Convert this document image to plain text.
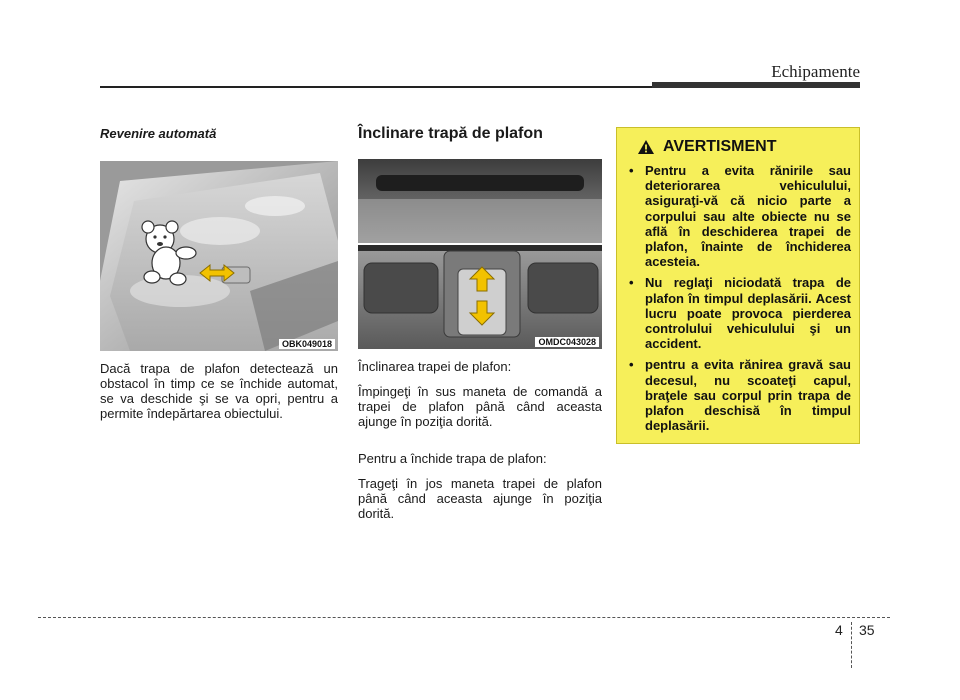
Echipamente
Revenire automată
OBK049018

Dacă trapa de plafon detectează un obstacol în timp ce se închide automat, se va deschide şi se va opri, pentru a permite îndepărtarea obiectului.

Înclinare trapă de plafon
OMDC043028

Înclinarea trapei de plafon:

Împingeţi în sus maneta de comandă a trapei de plafon până când aceasta ajunge în poziţia dorită.

Pentru a închide trapa de plafon:

Trageţi în jos maneta trapei de plafon până când aceasta ajunge în poziţia dorită.

AVERTISMENT
• Pentru a evita rănirile sau deteriorarea vehiculului, asiguraţi-vă că nicio parte a corpului sau alte obiecte nu se află în deschiderea trapei de plafon, înainte de închiderea acesteia.
• Nu reglaţi niciodată trapa de plafon în timpul deplasării. Acest lucru poate provoca pierderea controlului vehiculului şi un accident.
• pentru a evita rănirea gravă sau decesul, nu scoateţi capul, braţele sau corpul prin trapa de plafon deschisă în timpul deplasării.
4 35
